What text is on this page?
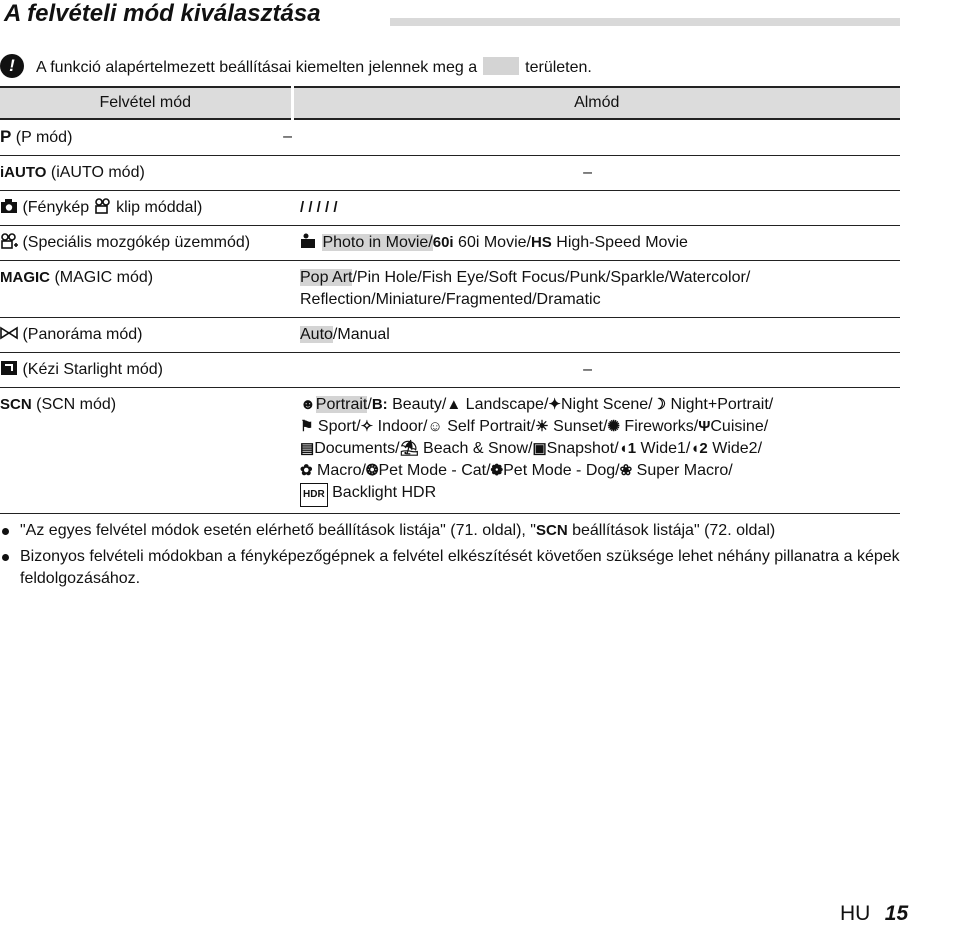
A felvételi mód kiválasztása
!	A funkció alapértelmezett beállításai kiemelten jelennek meg a	területen.
Felvétel mód	Almód
P (P mód) –	

iAUTO (iAUTO mód) –	

(Fénykép klip móddal)	/ / / / /
(Speciális mozgókép üzemmód)	Photo in Movie/60i 60i Movie/HS High-Speed Movie
MAGIC (MAGIC mód)	Pop Art/Pin Hole/Fish Eye/Soft Focus/Punk/Sparkle/Watercolor/
Reflection/Miniature/Fragmented/Dramatic

(Panoráma mód)	Auto/Manual
(Kézi Starlight mód) –	

SCN (SCN mód)	☻Portrait/B: Beauty/▲ Landscape/✦Night Scene/☽ Night+Portrait/
⚑ Sport/✧ Indoor/☺ Self Portrait/☀ Sunset/✺ Fireworks/ΨCuisine/
▤Documents/⛱ Beach & Snow/▣Snapshot/◖1 Wide1/◖2 Wide2/
✿ Macro/❂Pet Mode - Cat/❁Pet Mode - Dog/❀ Super Macro/
HDR Backlight HDR
"Az egyes felvétel módok esetén elérhető beállítások listája" (71. oldal), "SCN beállítások listája" (72. oldal)
Bizonyos felvételi módokban a fényképezőgépnek a felvétel elkészítését követően szüksége lehet néhány pillanatra a képek feldolgozásához.
HU 15
